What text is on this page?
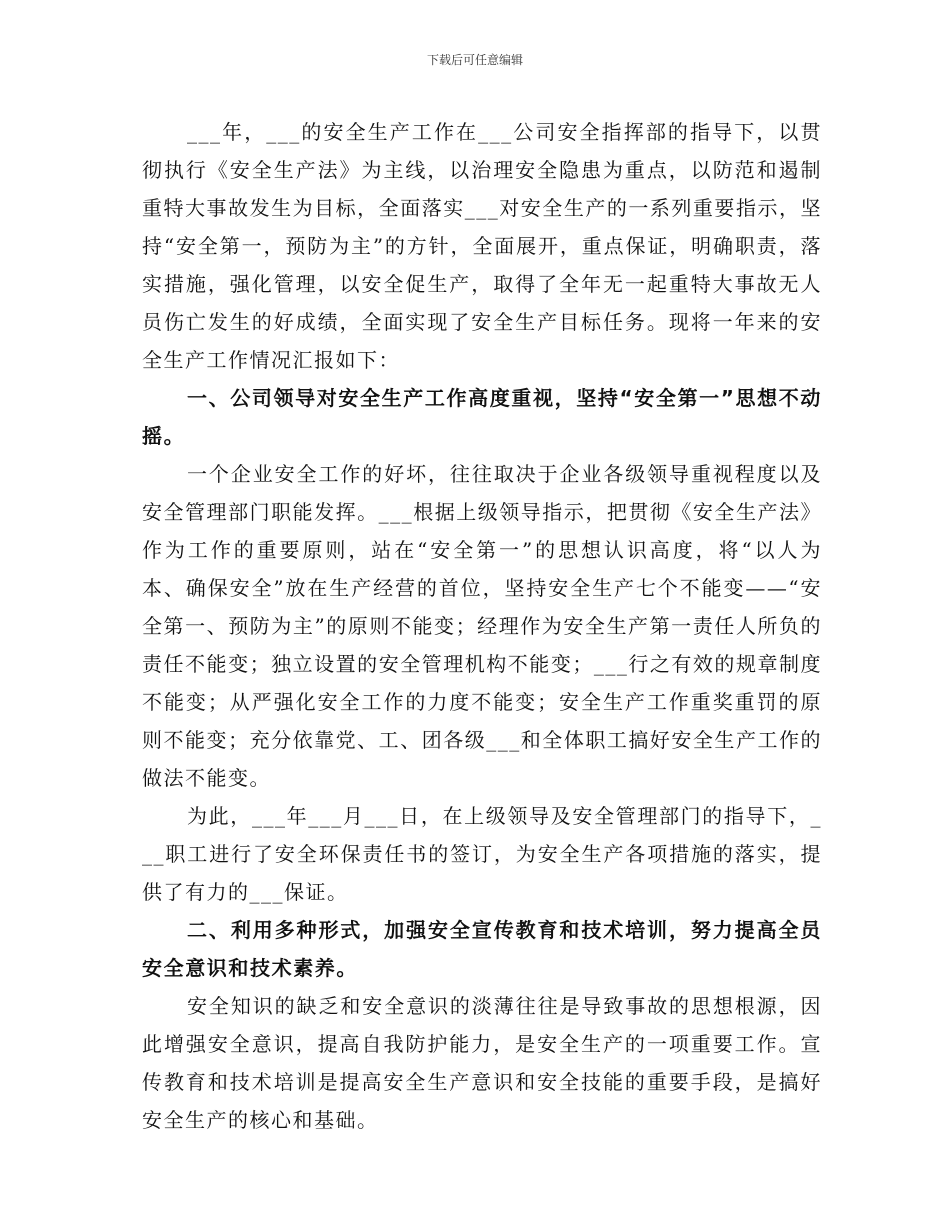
下载后可任意编辑

___年，___的安全生产工作在___公司安全指挥部的指导下，以贯彻执行《安全生产法》为主线，以治理安全隐患为重点，以防范和遏制重特大事故发生为目标，全面落实___对安全生产的一系列重要指示，坚持“安全第一，预防为主”的方针，全面展开，重点保证，明确职责，落实措施，强化管理，以安全促生产，取得了全年无一起重特大事故无人员伤亡发生的好成绩，全面实现了安全生产目标任务。现将一年来的安全生产工作情况汇报如下：

一、公司领导对安全生产工作高度重视，坚持“安全第一”思想不动摇。

一个企业安全工作的好坏，往往取决于企业各级领导重视程度以及安全管理部门职能发挥。___根据上级领导指示，把贯彻《安全生产法》作为工作的重要原则，站在“安全第一”的思想认识高度，将“以人为本、确保安全”放在生产经营的首位，坚持安全生产七个不能变——“安全第一、预防为主”的原则不能变；经理作为安全生产第一责任人所负的责任不能变；独立设置的安全管理机构不能变；___行之有效的规章制度不能变；从严强化安全工作的力度不能变；安全生产工作重奖重罚的原则不能变；充分依靠党、工、团各级___和全体职工搞好安全生产工作的做法不能变。

为此，___年___月___日，在上级领导及安全管理部门的指导下，___职工进行了安全环保责任书的签订，为安全生产各项措施的落实，提供了有力的___保证。

二、利用多种形式，加强安全宣传教育和技术培训，努力提高全员安全意识和技术素养。

安全知识的缺乏和安全意识的淡薄往往是导致事故的思想根源，因此增强安全意识，提高自我防护能力，是安全生产的一项重要工作。宣传教育和技术培训是提高安全生产意识和安全技能的重要手段，是搞好安全生产的核心和基础。
